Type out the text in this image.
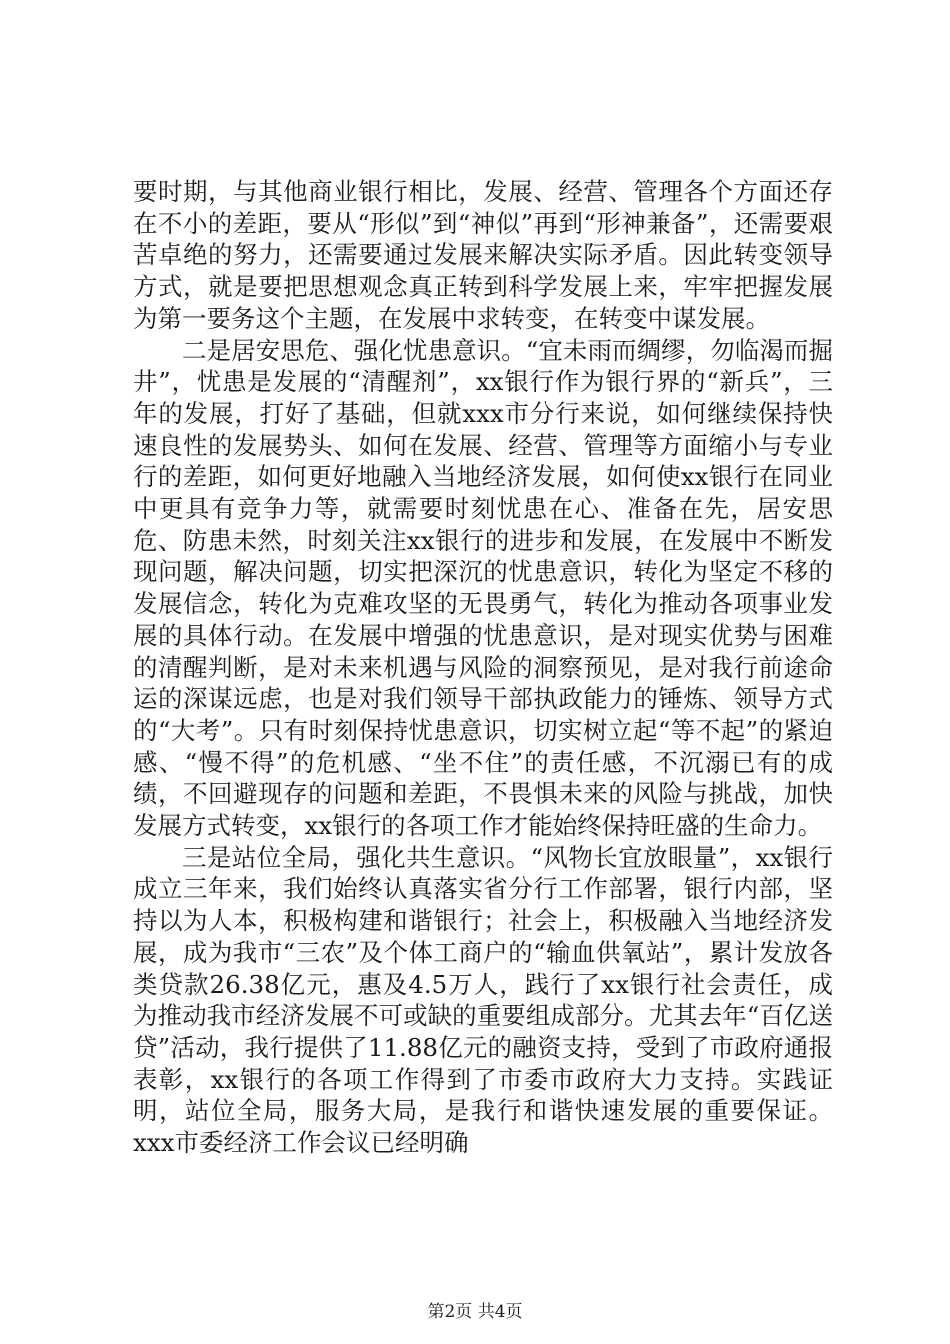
要时期，与其他商业银行相比，发展、经营、管理各个方面还存在不小的差距，要从“形似”到“神似”再到“形神兼备”，还需要艰苦卓绝的努力，还需要通过发展来解决实际矛盾。因此转变领导方式，就是要把思想观念真正转到科学发展上来，牢牢把握发展为第一要务这个主题，在发展中求转变，在转变中谋发展。

二是居安思危、强化忧患意识。“宜未雨而绸缪，勿临渴而掘井”，忧患是发展的“清醒剂”，xx银行作为银行界的“新兵”，三年的发展，打好了基础，但就xxx市分行来说，如何继续保持快速良性的发展势头、如何在发展、经营、管理等方面缩小与专业行的差距，如何更好地融入当地经济发展，如何使xx银行在同业中更具有竞争力等，就需要时刻忧患在心、准备在先，居安思危、防患未然，时刻关注xx银行的进步和发展，在发展中不断发现问题，解决问题，切实把深沉的忧患意识，转化为坚定不移的发展信念，转化为克难攻坚的无畏勇气，转化为推动各项事业发展的具体行动。在发展中增强的忧患意识，是对现实优势与困难的清醒判断，是对未来机遇与风险的洞察预见，是对我行前途命运的深谋远虑，也是对我们领导干部执政能力的锤炼、领导方式的“大考”。只有时刻保持忧患意识，切实树立起“等不起”的紧迫感、“慢不得”的危机感、“坐不住”的责任感，不沉溺已有的成绩，不回避现存的问题和差距，不畏惧未来的风险与挑战，加快发展方式转变，xx银行的各项工作才能始终保持旺盛的生命力。

三是站位全局，强化共生意识。“风物长宜放眼量”，xx银行成立三年来，我们始终认真落实省分行工作部署，银行内部，坚持以为人本，积极构建和谐银行；社会上，积极融入当地经济发展，成为我市“三农”及个体工商户的“输血供氧站”，累计发放各类贷款26.38亿元，惠及4.5万人，践行了xx银行社会责任，成为推动我市经济发展不可或缺的重要组成部分。尤其去年“百亿送贷”活动，我行提供了11.88亿元的融资支持，受到了市政府通报表彰，xx银行的各项工作得到了市委市政府大力支持。实践证明，站位全局，服务大局，是我行和谐快速发展的重要保证。xxx市委经济工作会议已经明确

第2页 共4页
